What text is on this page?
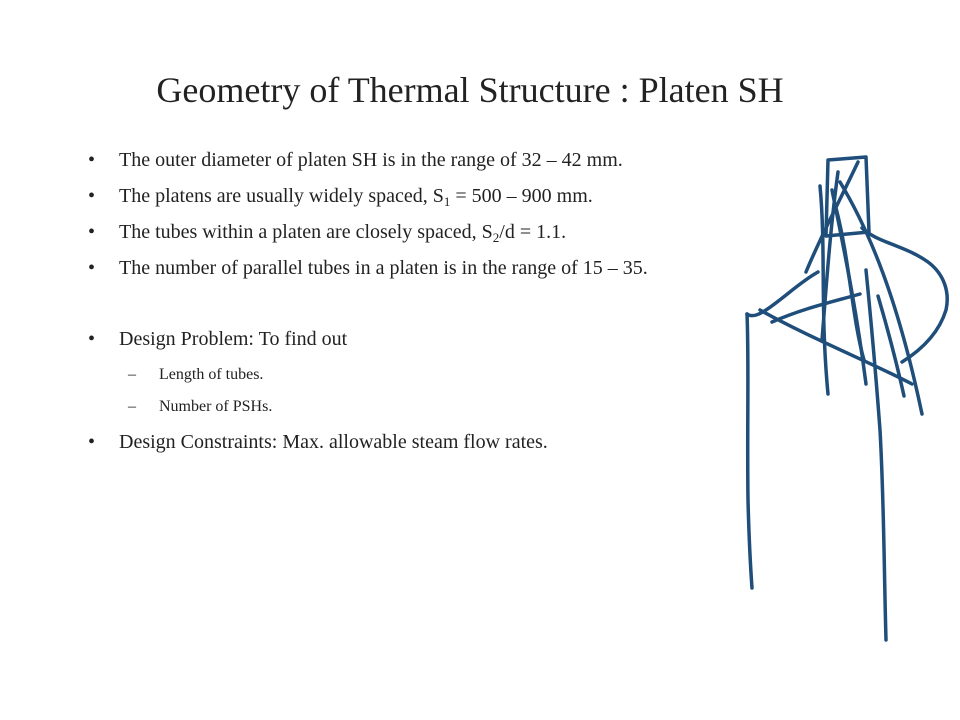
Geometry of Thermal Structure : Platen SH
• The outer diameter of platen SH is in the range of 32 – 42 mm.
• The platens are usually widely spaced, $S_1 = 500 - 900$ mm.
• The tubes within a platen are closely spaced, $S_2/d = 1.1$.
• The number of parallel tubes in a platen is in the range of 15 – 35.
• Design Problem: To find out
– Length of tubes.
– Number of PSHs.
• Design Constraints: Max. allowable steam flow rates.
